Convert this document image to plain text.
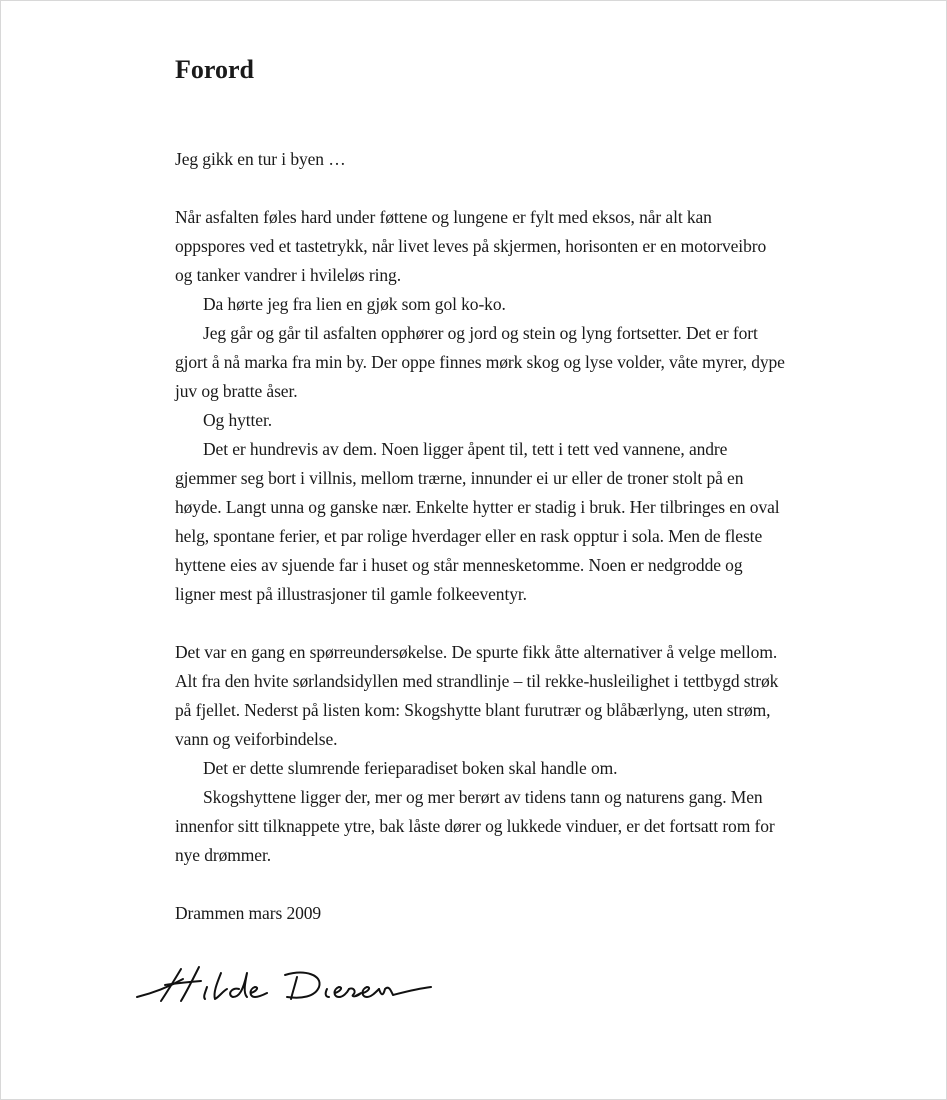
Forord

Jeg gikk en tur i byen …

Når asfalten føles hard under føttene og lungene er fylt med eksos, når alt kan oppspores ved et tastetrykk, når livet leves på skjermen, horisonten er en motorveibro og tanker vandrer i hvileløs ring.

Da hørte jeg fra lien en gjøk som gol ko-ko.

Jeg går og går til asfalten opphører og jord og stein og lyng fortsetter. Det er fort gjort å nå marka fra min by. Der oppe finnes mørk skog og lyse volder, våte myrer, dype juv og bratte åser.

Og hytter.

Det er hundrevis av dem. Noen ligger åpent til, tett i tett ved vannene, andre gjemmer seg bort i villnis, mellom trærne, innunder ei ur eller de troner stolt på en høyde. Langt unna og ganske nær. Enkelte hytter er stadig i bruk. Her tilbringes en oval helg, spontane ferier, et par rolige hverdager eller en rask opptur i sola. Men de fleste hyttene eies av sjuende far i huset og står mennesketomme. Noen er nedgrodde og ligner mest på illustrasjoner til gamle folkeeventyr.

Det var en gang en spørreundersøkelse. De spurte fikk åtte alternativer å velge mellom. Alt fra den hvite sørlandsidyllen med strandlinje – til rekke-husleilighet i tettbygd strøk på fjellet. Nederst på listen kom: Skogshytte blant furutrær og blåbærlyng, uten strøm, vann og veiforbindelse.

Det er dette slumrende ferieparadiset boken skal handle om.

Skogshyttene ligger der, mer og mer berørt av tidens tann og naturens gang. Men innenfor sitt tilknappete ytre, bak låste dører og lukkede vinduer, er det fortsatt rom for nye drømmer.

Drammen mars 2009
